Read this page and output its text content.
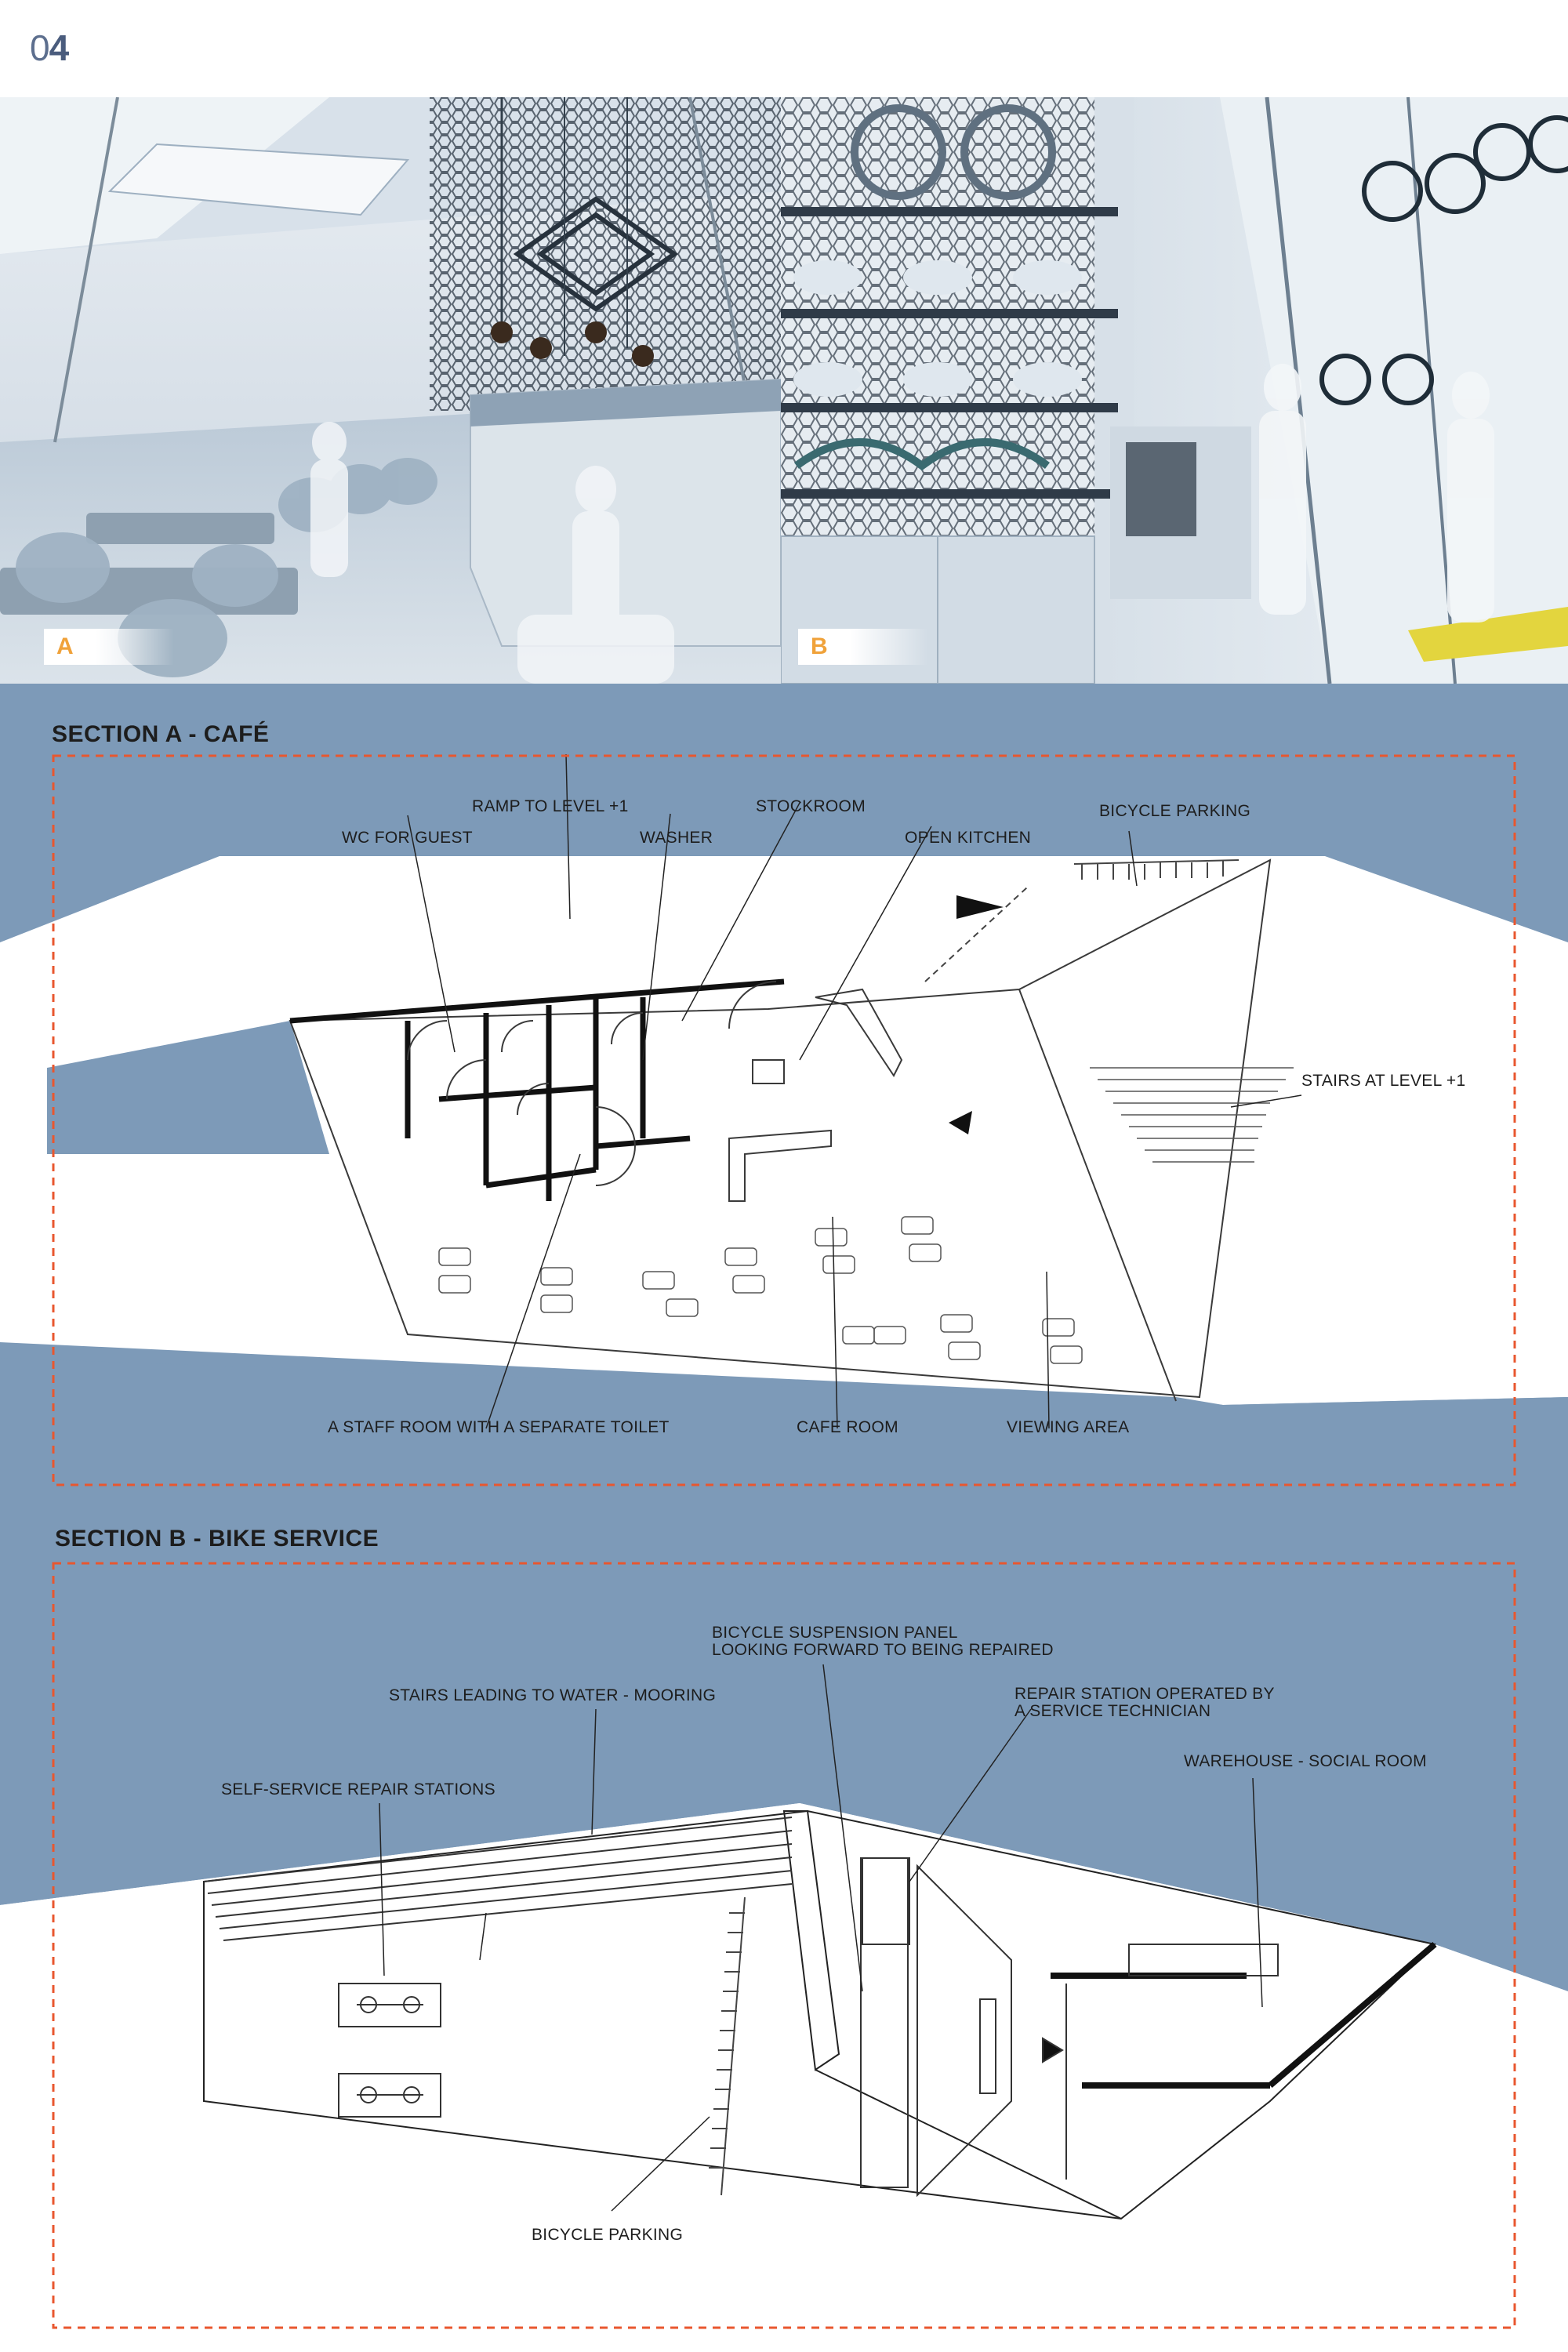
04
A	B
SECTION A - CAFÉ
RAMP TO LEVEL +1
WC FOR GUEST	WASHER
STOCKROOM
OPEN KITCHEN
BICYCLE PARKING
STAIRS AT LEVEL +1
A STAFF ROOM WITH A SEPARATE TOILET	CAFE ROOM	VIEWING AREA
SECTION B - BIKE SERVICE
BICYCLE SUSPENSION PANEL
LOOKING FORWARD TO BEING REPAIRED
STAIRS LEADING TO WATER - MOORING	REPAIR STATION OPERATED BY
A SERVICE TECHNICIAN
WAREHOUSE - SOCIAL ROOM
SELF-SERVICE REPAIR STATIONS
BICYCLE PARKING
